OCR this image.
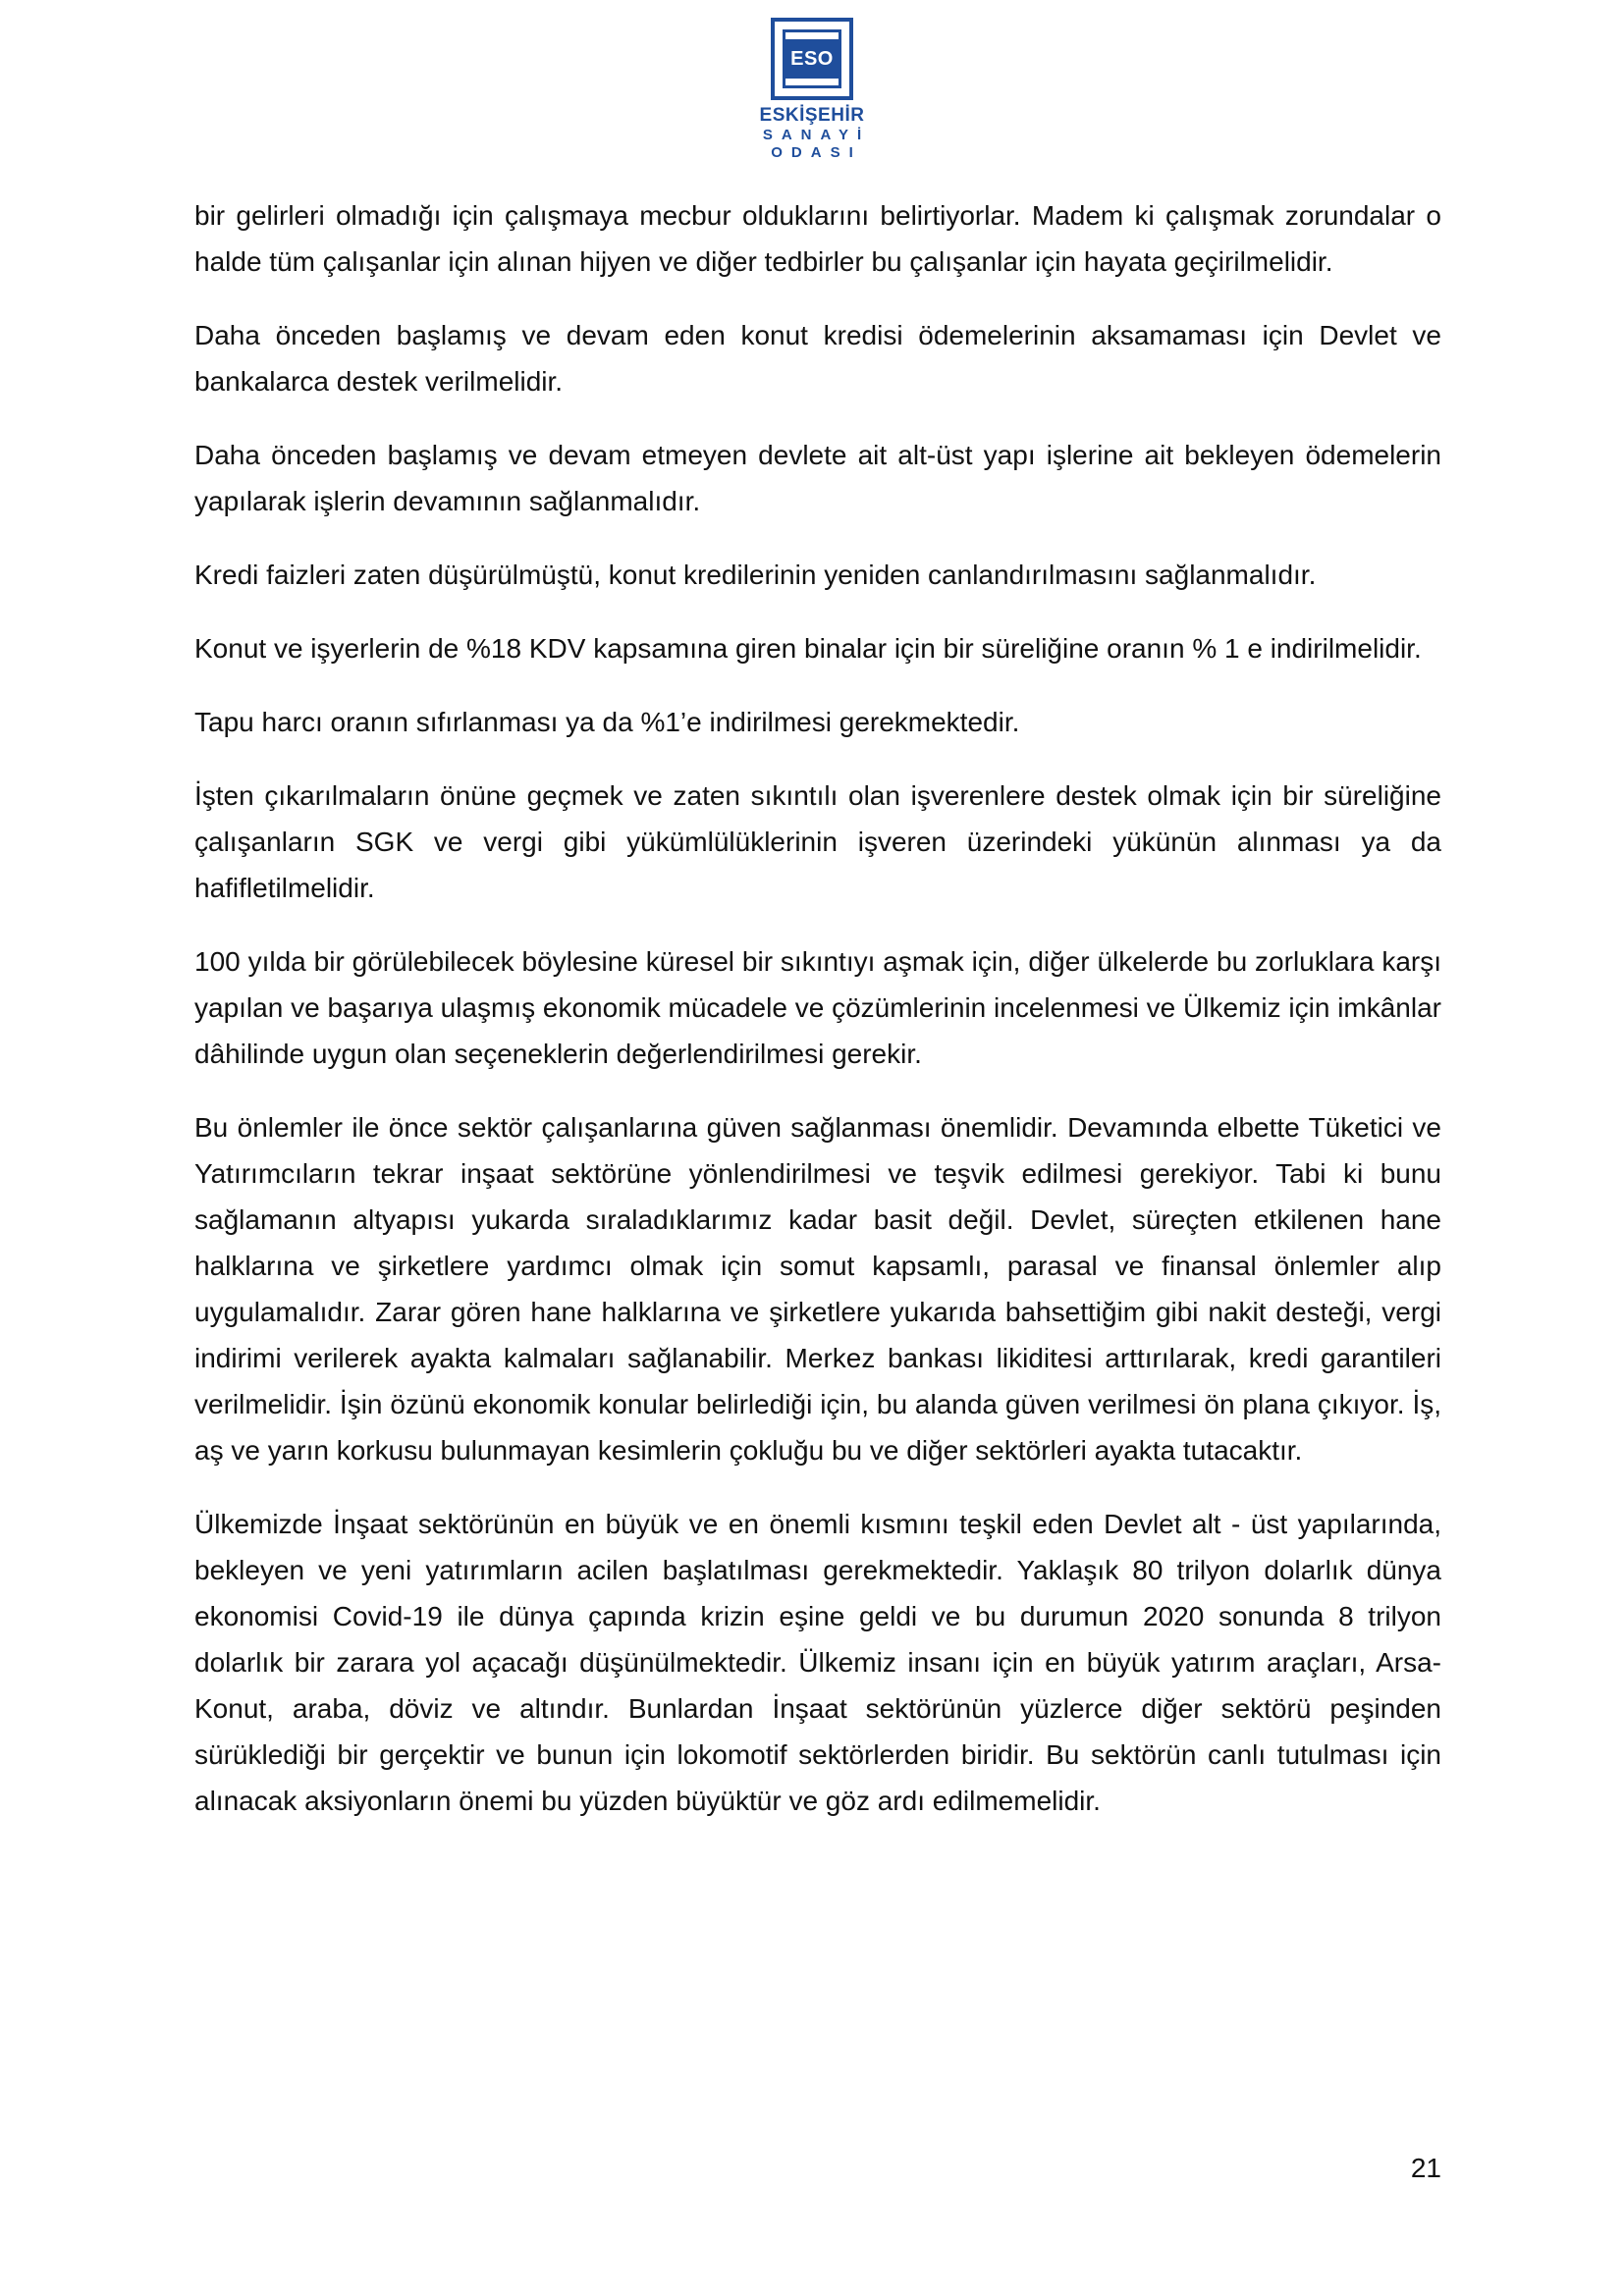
ESO
ESKİŞEHİR
SANAYİ
ODASI

bir gelirleri olmadığı için çalışmaya mecbur olduklarını belirtiyorlar. Madem ki çalışmak zorundalar o halde tüm çalışanlar için alınan hijyen ve diğer tedbirler bu çalışanlar için hayata geçirilmelidir.

Daha önceden başlamış ve devam eden konut kredisi ödemelerinin aksamaması için Devlet ve bankalarca destek verilmelidir.

Daha önceden başlamış ve devam etmeyen devlete ait alt-üst yapı işlerine ait bekleyen ödemelerin yapılarak işlerin devamının sağlanmalıdır.

Kredi faizleri zaten düşürülmüştü, konut kredilerinin yeniden canlandırılmasını sağlanmalıdır.

Konut ve işyerlerin de %18 KDV kapsamına giren binalar için bir süreliğine oranın % 1 e indirilmelidir.

Tapu harcı oranın sıfırlanması ya da %1’e indirilmesi gerekmektedir.

İşten çıkarılmaların önüne geçmek ve zaten sıkıntılı olan işverenlere destek olmak için bir süreliğine çalışanların SGK ve vergi gibi yükümlülüklerinin işveren üzerindeki yükünün alınması ya da hafifletilmelidir.

100 yılda bir görülebilecek böylesine küresel bir sıkıntıyı aşmak için, diğer ülkelerde bu zorluklara karşı yapılan ve başarıya ulaşmış ekonomik mücadele ve çözümlerinin incelenmesi ve Ülkemiz için imkânlar dâhilinde uygun olan seçeneklerin değerlendirilmesi gerekir.

Bu önlemler ile önce sektör çalışanlarına güven sağlanması önemlidir. Devamında elbette Tüketici ve Yatırımcıların tekrar inşaat sektörüne yönlendirilmesi ve teşvik edilmesi gerekiyor. Tabi ki bunu sağlamanın altyapısı yukarda sıraladıklarımız kadar basit değil. Devlet, süreçten etkilenen hane halklarına ve şirketlere yardımcı olmak için somut kapsamlı, parasal ve finansal önlemler alıp uygulamalıdır. Zarar gören hane halklarına ve şirketlere yukarıda bahsettiğim gibi nakit desteği, vergi indirimi verilerek ayakta kalmaları sağlanabilir. Merkez bankası likiditesi arttırılarak, kredi garantileri verilmelidir. İşin özünü ekonomik konular belirlediği için, bu alanda güven verilmesi ön plana çıkıyor. İş, aş ve yarın korkusu bulunmayan kesimlerin çokluğu bu ve diğer sektörleri ayakta tutacaktır.

Ülkemizde İnşaat sektörünün en büyük ve en önemli kısmını teşkil eden Devlet alt - üst yapılarında, bekleyen ve yeni yatırımların acilen başlatılması gerekmektedir. Yaklaşık 80 trilyon dolarlık dünya ekonomisi Covid-19 ile dünya çapında krizin eşine geldi ve bu durumun 2020 sonunda 8 trilyon dolarlık bir zarara yol açacağı düşünülmektedir. Ülkemiz insanı için en büyük yatırım araçları, Arsa-Konut, araba, döviz ve altındır. Bunlardan İnşaat sektörünün yüzlerce diğer sektörü peşinden sürüklediği bir gerçektir ve bunun için lokomotif sektörlerden biridir. Bu sektörün canlı tutulması için alınacak aksiyonların önemi bu yüzden büyüktür ve göz ardı edilmemelidir.

21
